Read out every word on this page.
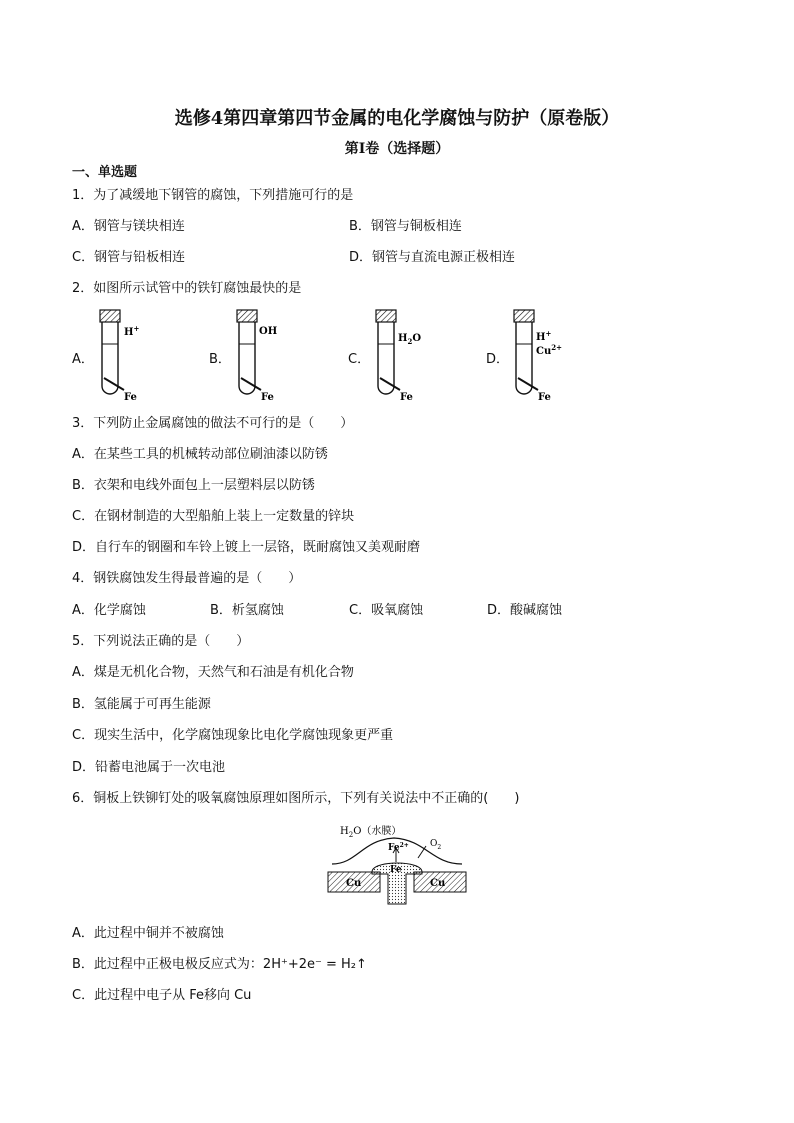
选修4第四章第四节金属的电化学腐蚀与防护（原卷版）
第Ⅰ卷（选择题）
一、单选题
1．为了减缓地下钢管的腐蚀，下列措施可行的是
A．钢管与镁块相连	B．钢管与铜板相连
C．钢管与铅板相连	D．钢管与直流电源正极相连
2．如图所示试管中的铁钉腐蚀最快的是
A．
H+
Fe
B．
OH
Fe
C．
$H_2O$
Fe
D．
H+
$Cu^{2+}$
Fe
3．下列防止金属腐蚀的做法不可行的是（　　）
A．在某些工具的机械转动部位刷油漆以防锈
B．衣架和电线外面包上一层塑料层以防锈
C．在钢材制造的大型船舶上装上一定数量的锌块
D．自行车的钢圈和车铃上镀上一层铬，既耐腐蚀又美观耐磨
4．钢铁腐蚀发生得最普遍的是（　　）
A．化学腐蚀	B．析氢腐蚀	C．吸氧腐蚀	D．酸碱腐蚀
5．下列说法正确的是（　　）
A．煤是无机化合物，天然气和石油是有机化合物
B．氢能属于可再生能源
C．现实生活中，化学腐蚀现象比电化学腐蚀现象更严重
D．铅蓄电池属于一次电池
6．铜板上铁铆钉处的吸氧腐蚀原理如图所示，下列有关说法中不正确的(　　)
$H_2O$（水膜）
$Fe^{2+}$ $O_2$
Fe
Cu	Cu
A．此过程中铜并不被腐蚀
B．此过程中正极电极反应式为：2H⁺+2e⁻ = H₂↑
C．此过程中电子从 Fe移向 Cu
